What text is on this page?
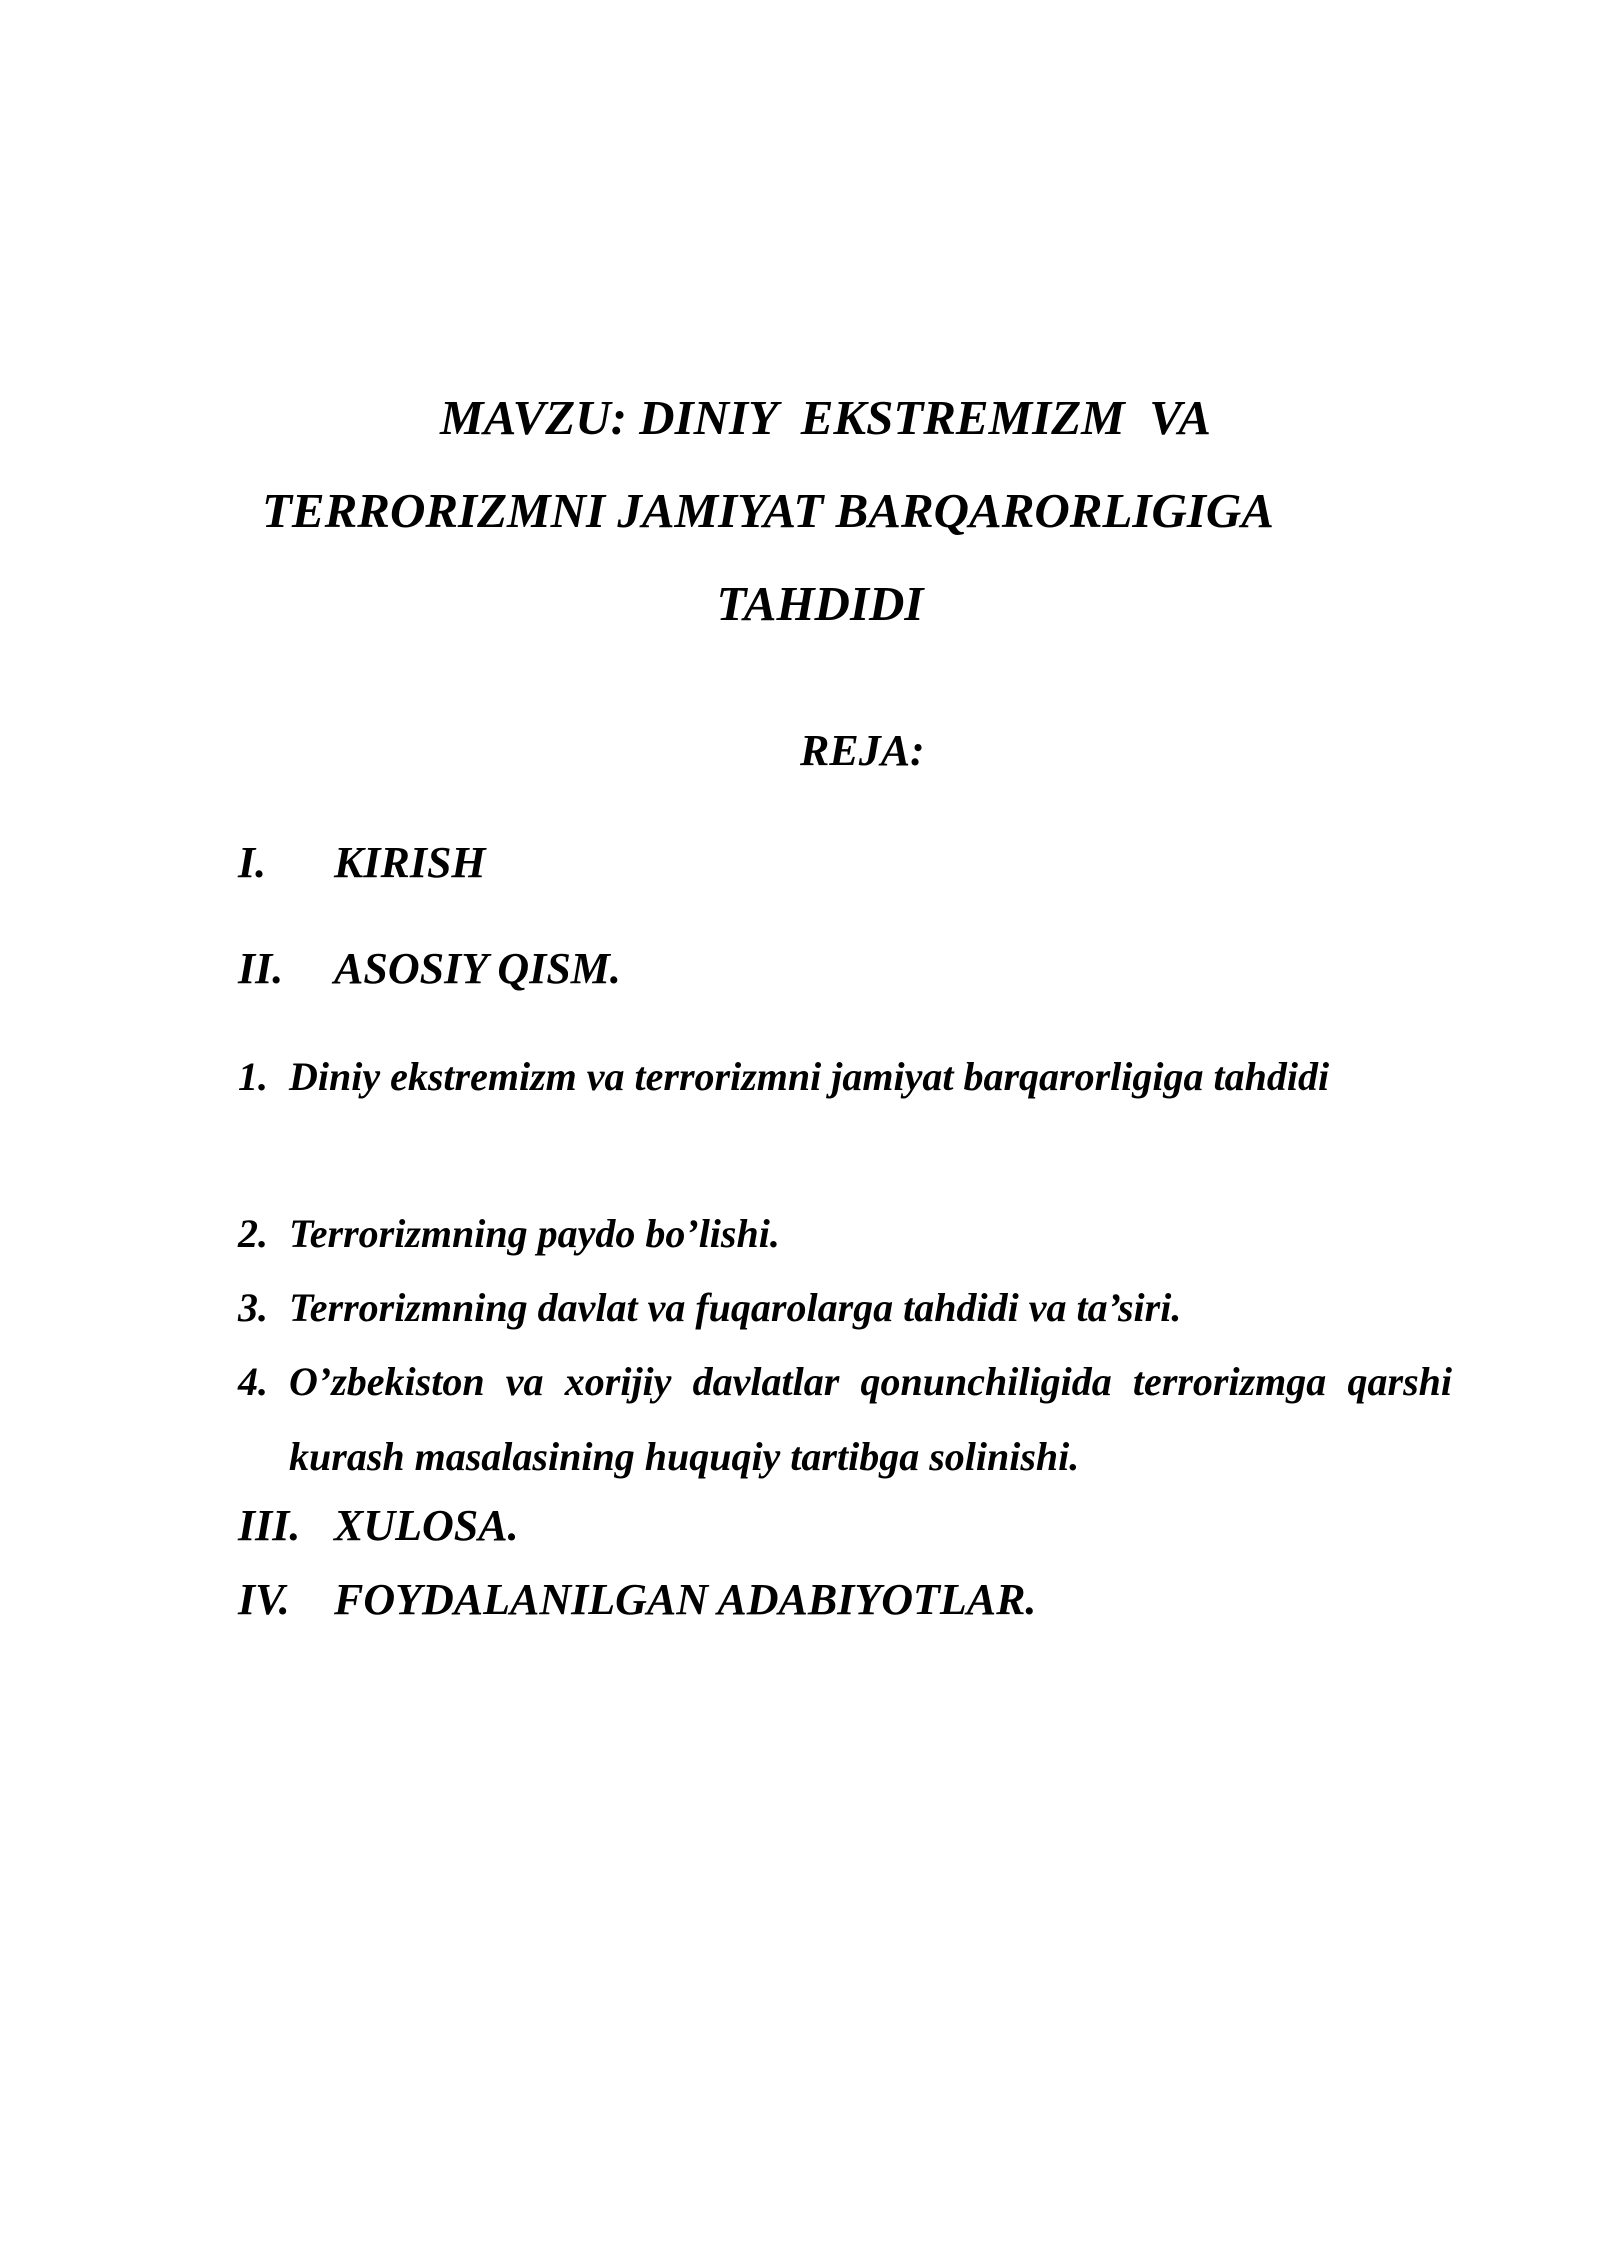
MAVZU: DINIY  EKSTREMIZM  VA
TERRORIZMNI JAMIYAT BARQARORLIGIGA
TAHDIDI
REJA:
I. KIRISH
II. ASOSIY QISM.
1. Diniy ekstremizm va terrorizmni jamiyat barqarorligiga tahdidi
2. Terrorizmning paydo bo’lishi.
3. Terrorizmning davlat va fuqarolarga tahdidi va ta’siri.
4. O’zbekiston va xorijiy davlatlar qonunchiligida terrorizmga qarshi kurash masalasining huquqiy tartibga solinishi.
III. XULOSA.
IV. FOYDALANILGAN ADABIYOTLAR.
